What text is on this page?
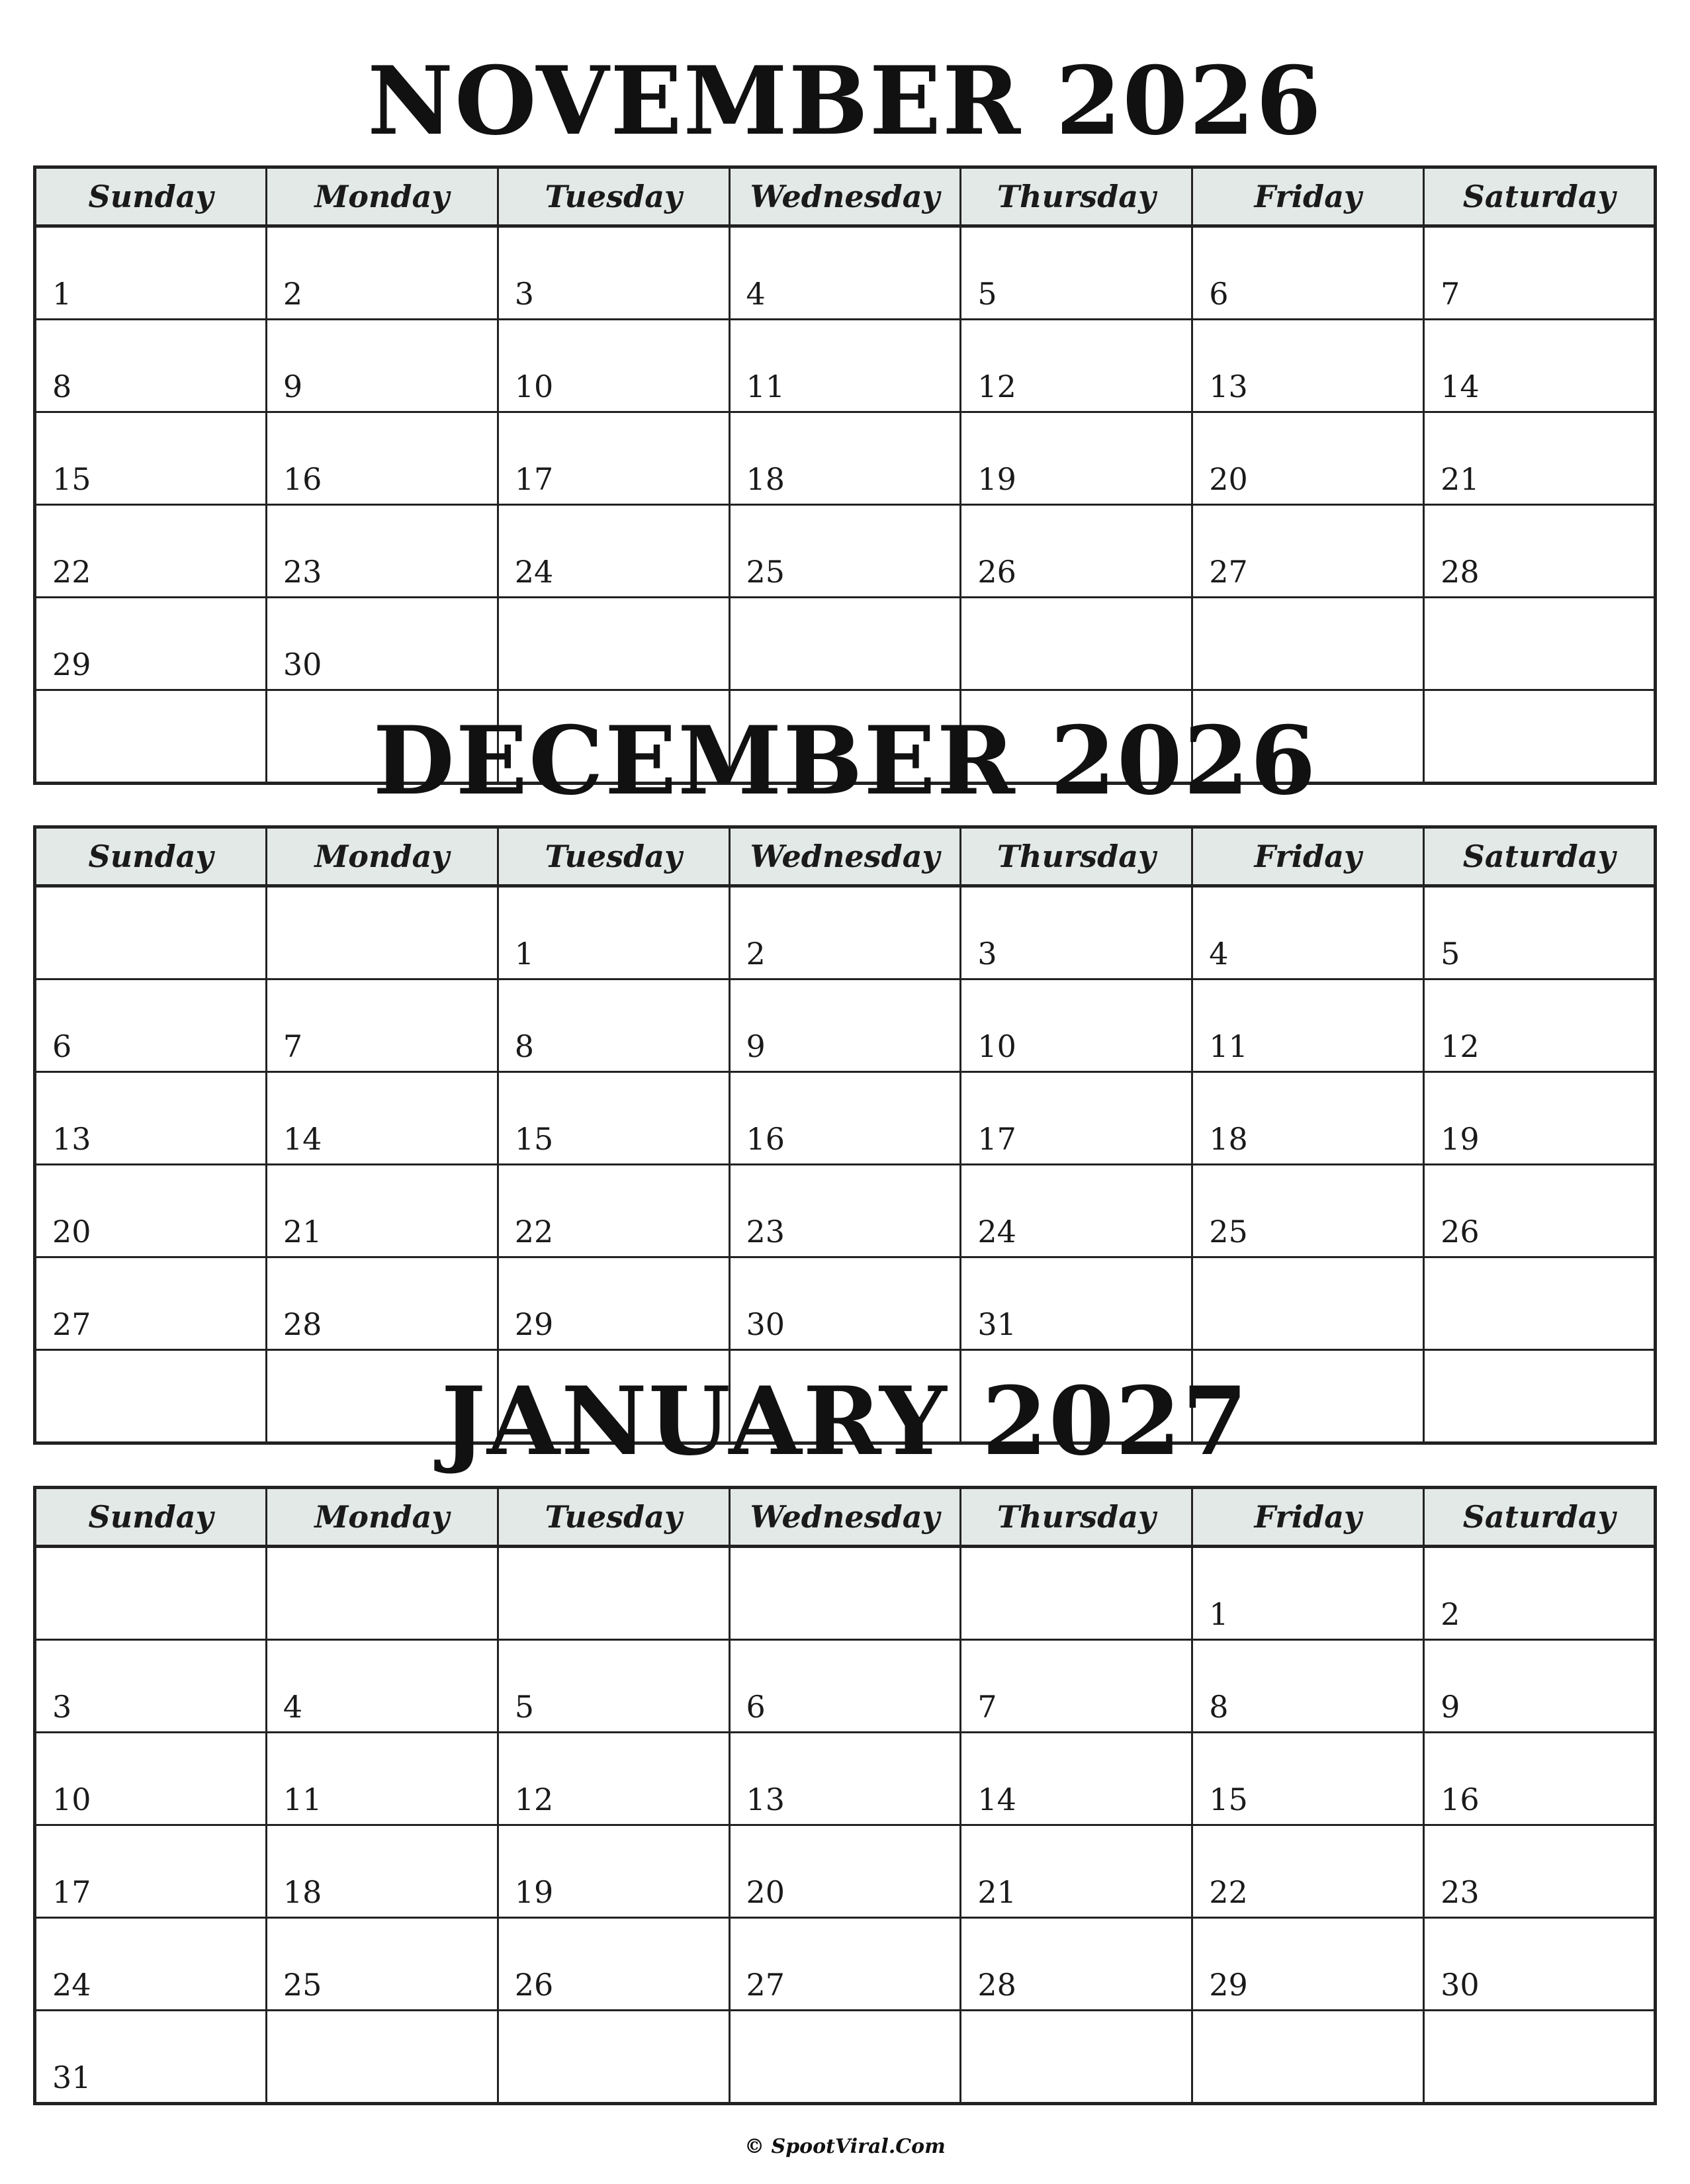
NOVEMBER 2026
Sunday	Monday	Tuesday	Wednesday	Thursday	Friday	Saturday
1	2	3	4	5	6	7
8	9	10	11	12	13	14
15	16	17	18	19	20	21
22	23	24	25	26	27	28
29	30					

DECEMBER 2026
Sunday	Monday	Tuesday	Wednesday	Thursday	Friday	Saturday
		1	2	3	4	5
6	7	8	9	10	11	12
13	14	15	16	17	18	19
20	21	22	23	24	25	26
27	28	29	30	31		

JANUARY 2027
Sunday	Monday	Tuesday	Wednesday	Thursday	Friday	Saturday
					1	2
3	4	5	6	7	8	9
10	11	12	13	14	15	16
17	18	19	20	21	22	23
24	25	26	27	28	29	30
31						
© SpootViral.Com
